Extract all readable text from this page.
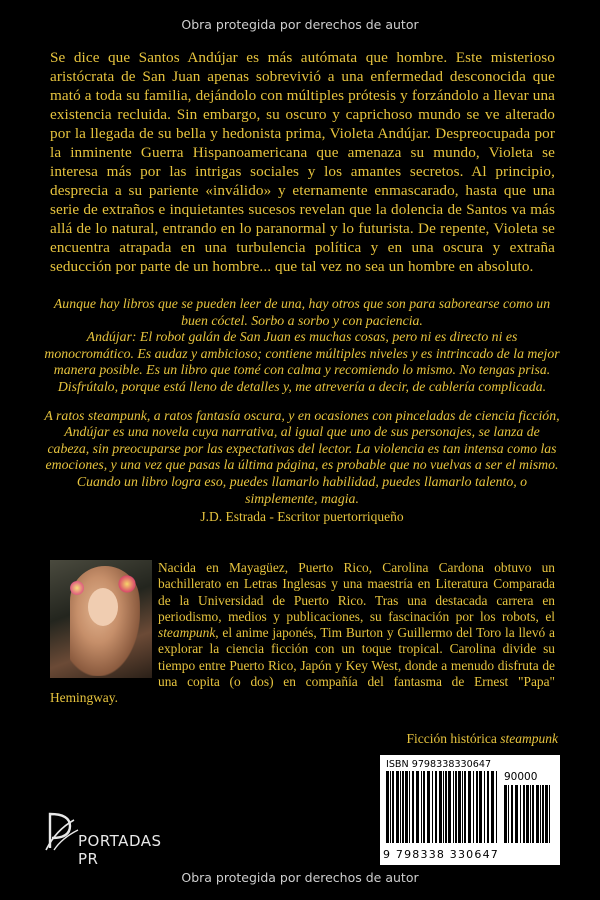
Obra protegida por derechos de autor
Se dice que Santos Andújar es más autómata que hombre. Este misterioso aristócrata de San Juan apenas sobrevivió a una enfermedad desconocida que mató a toda su familia, dejándolo con múltiples prótesis y forzándolo a llevar una existencia recluida. Sin embargo, su oscuro y caprichoso mundo se ve alterado por la llegada de su bella y hedonista prima, Violeta Andújar. Despreocupada por la inminente Guerra Hispanoamericana que amenaza su mundo, Violeta se interesa más por las intrigas sociales y los amantes secretos. Al principio, desprecia a su pariente «inválido» y eternamente enmascarado, hasta que una serie de extraños e inquietantes sucesos revelan que la dolencia de Santos va más allá de lo natural, entrando en lo paranormal y lo futurista. De repente, Violeta se encuentra atrapada en una turbulencia política y en una oscura y extraña seducción por parte de un hombre... que tal vez no sea un hombre en absoluto.

Aunque hay libros que se pueden leer de una, hay otros que son para saborearse como un buen cóctel. Sorbo a sorbo y con paciencia.

Andújar: El robot galán de San Juan es muchas cosas, pero ni es directo ni es monocromático. Es audaz y ambicioso; contiene múltiples niveles y es intrincado de la mejor manera posible. Es un libro que tomé con calma y recomiendo lo mismo. No tengas prisa. Disfrútalo, porque está lleno de detalles y, me atrevería a decir, de cablería complicada.

A ratos steampunk, a ratos fantasía oscura, y en ocasiones con pinceladas de ciencia ficción, Andújar es una novela cuya narrativa, al igual que uno de sus personajes, se lanza de cabeza, sin preocuparse por las expectativas del lector. La violencia es tan intensa como las emociones, y una vez que pasas la última página, es probable que no vuelvas a ser el mismo. Cuando un libro logra eso, puedes llamarlo habilidad, puedes llamarlo talento, o simplemente, magia.

J.D. Estrada - Escritor puertorriqueño
Nacida en Mayagüez, Puerto Rico, Carolina Cardona obtuvo un bachillerato en Letras Inglesas y una maestría en Literatura Comparada de la Universidad de Puerto Rico. Tras una destacada carrera en periodismo, medios y publicaciones, su fascinación por los robots, el steampunk, el anime japonés, Tim Burton y Guillermo del Toro la llevó a explorar la ciencia ficción con un toque tropical. Carolina divide su tiempo entre Puerto Rico, Japón y Key West, donde a menudo disfruta de una copita (o dos) en compañía del fantasma de Ernest "Papa" Hemingway.
Ficción histórica steampunk
PORTADAS PR
ISBN 9798338330647
90000
9 798338 330647
Obra protegida por derechos de autor
